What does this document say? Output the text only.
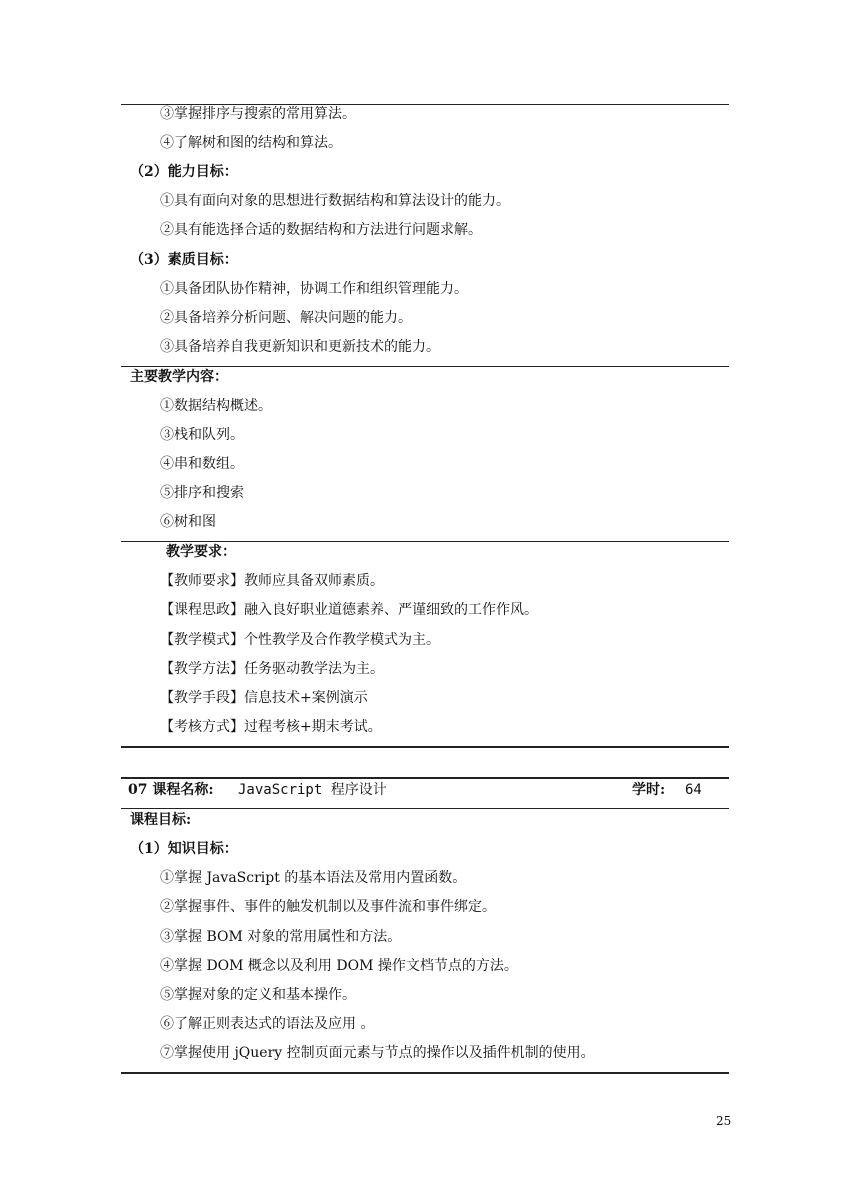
③掌握排序与搜索的常用算法。
④了解树和图的结构和算法。
（2）能力目标：
①具有面向对象的思想进行数据结构和算法设计的能力。
②具有能选择合适的数据结构和方法进行问题求解。
（3）素质目标：
①具备团队协作精神，协调工作和组织管理能力。
②具备培养分析问题、解决问题的能力。
③具备培养自我更新知识和更新技术的能力。
主要教学内容：
①数据结构概述。
③栈和队列。
④串和数组。
⑤排序和搜索
⑥树和图
教学要求：
【教师要求】教师应具备双师素质。
【课程思政】融入良好职业道德素养、严谨细致的工作作风。
【教学模式】个性教学及合作教学模式为主。
【教学方法】任务驱动教学法为主。
【教学手段】信息技术+案例演示
【考核方式】过程考核+期末考试。
07 课程名称: JavaScript 程序设计	学时: 64
课程目标:
（1）知识目标：
①掌握 JavaScript 的基本语法及常用内置函数。
②掌握事件、事件的触发机制以及事件流和事件绑定。
③掌握 BOM 对象的常用属性和方法。
④掌握 DOM 概念以及利用 DOM 操作文档节点的方法。
⑤掌握对象的定义和基本操作。
⑥了解正则表达式的语法及应用 。
⑦掌握使用 jQuery 控制页面元素与节点的操作以及插件机制的使用。
25
